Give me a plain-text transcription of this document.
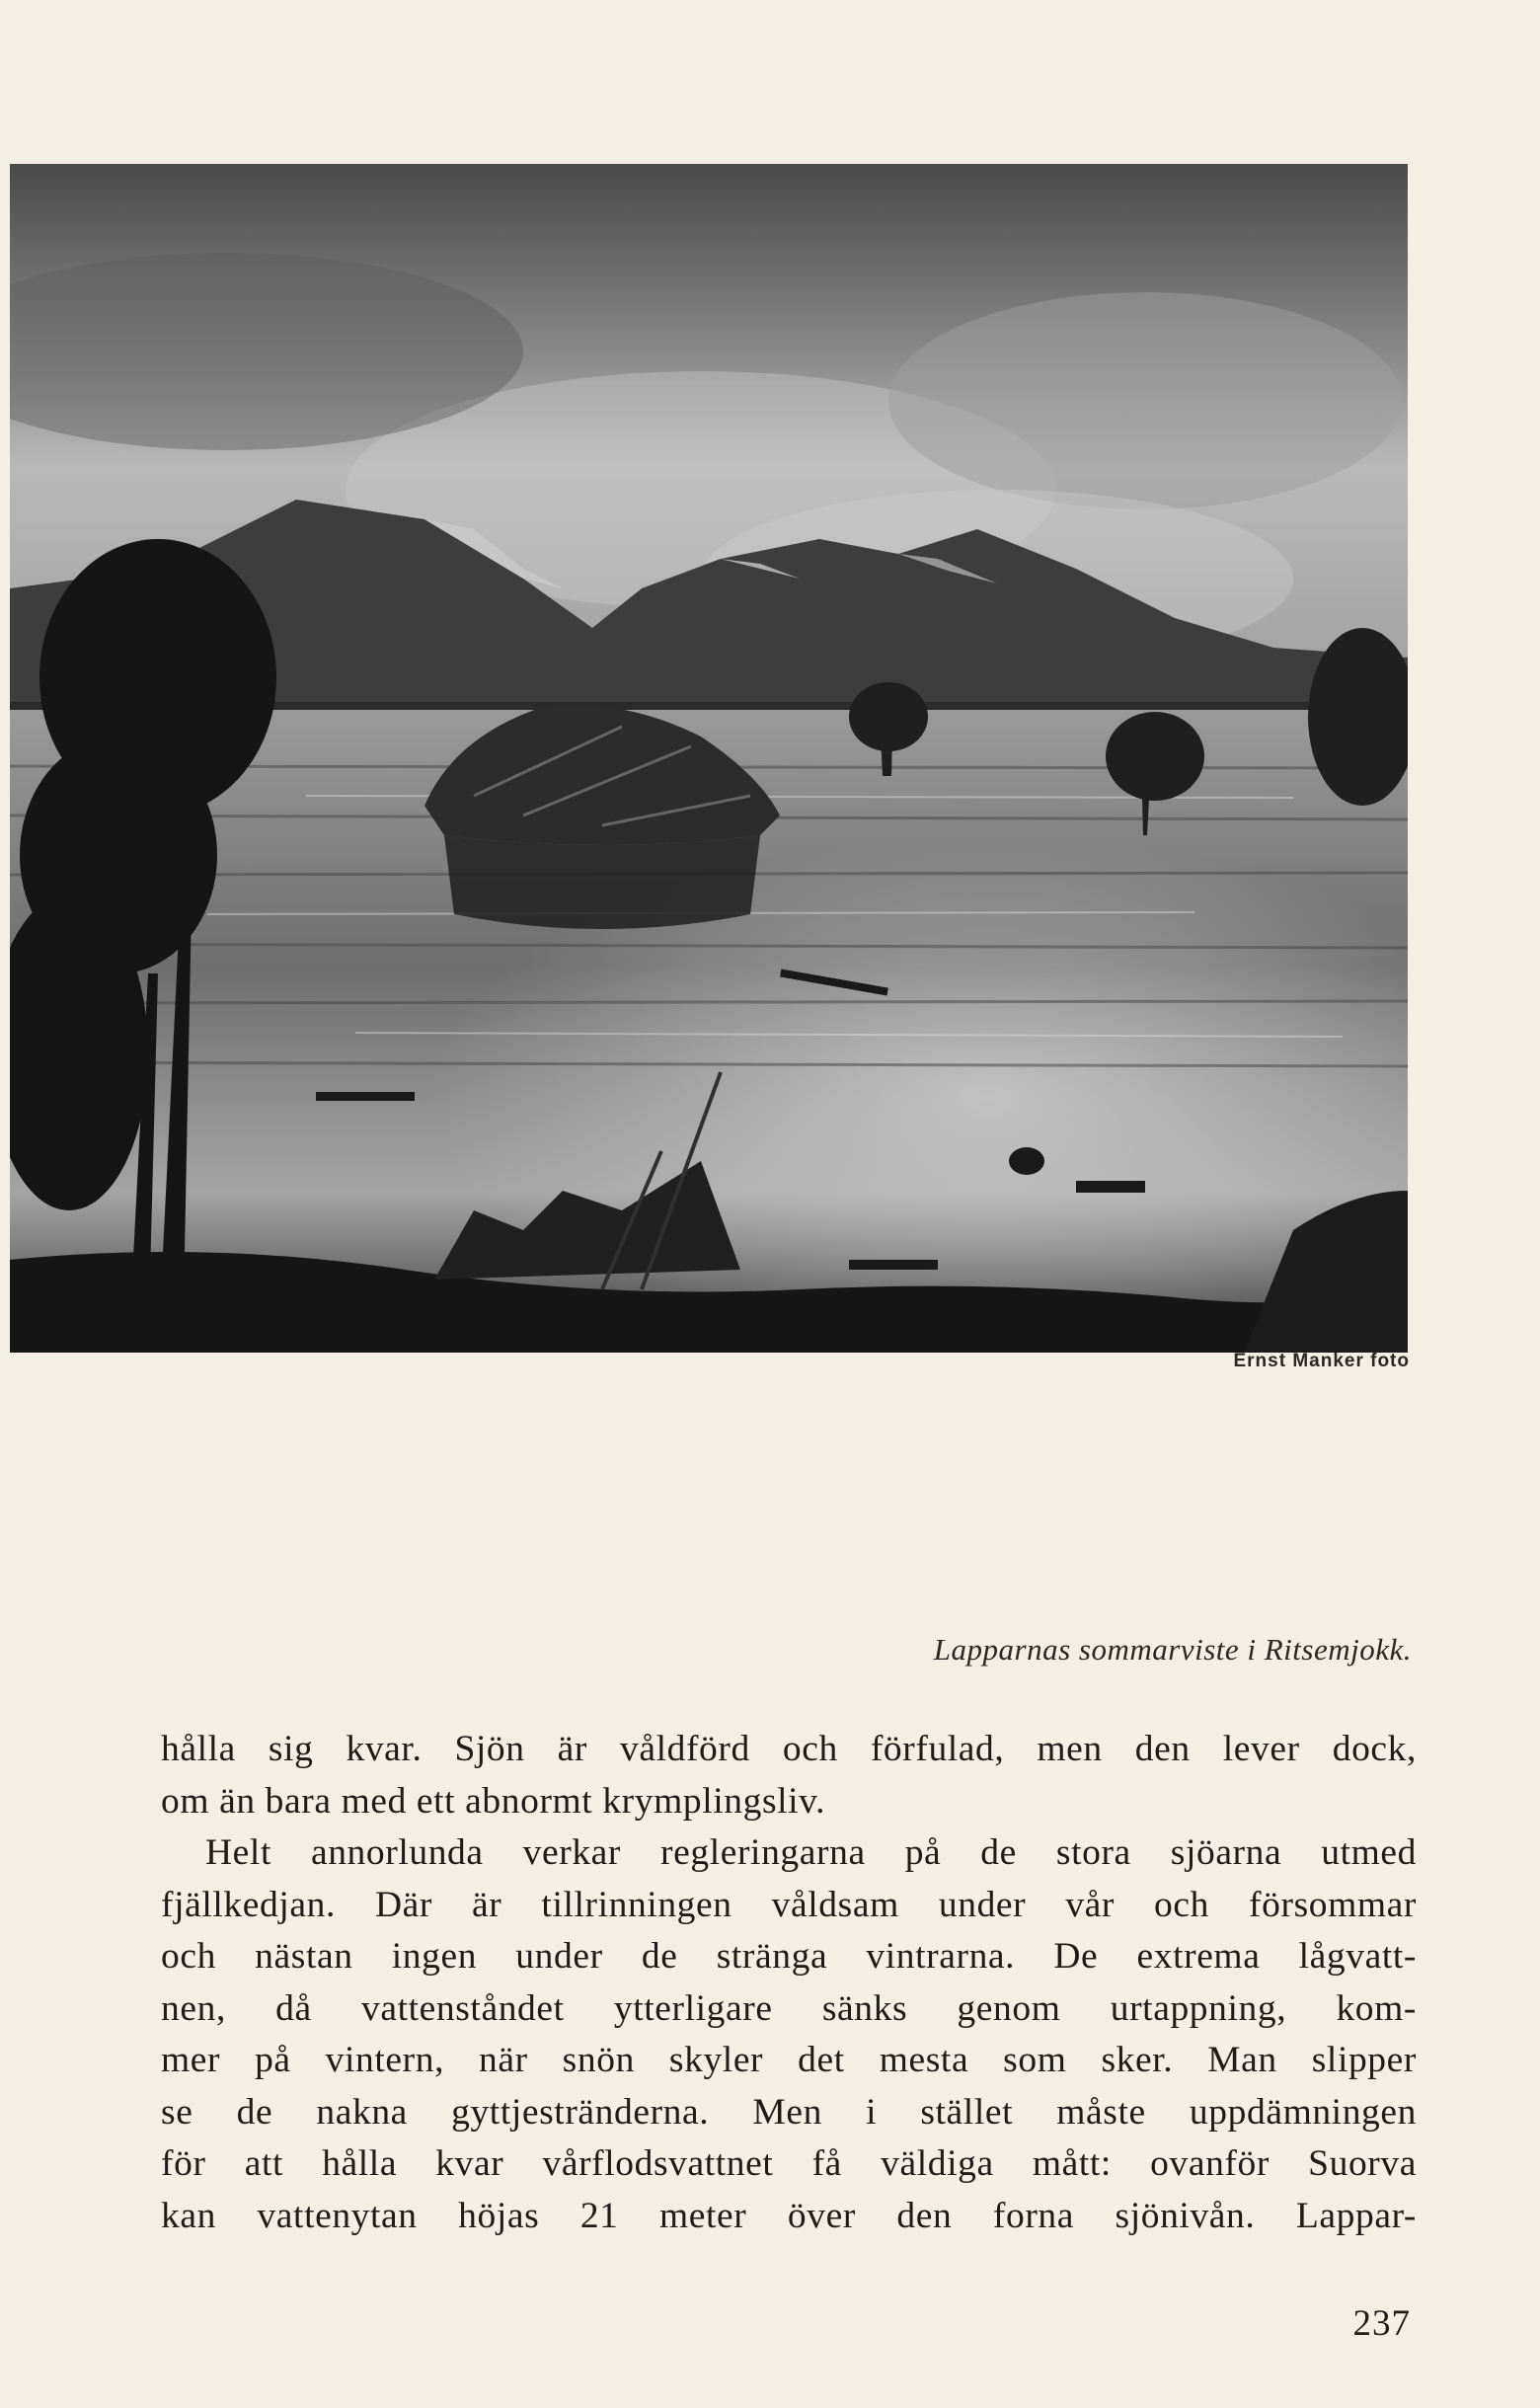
Ernst Manker foto
Lapparnas sommarviste i Ritsemjokk.
hålla sig kvar. Sjön är våldförd och förfulad, men den lever dock,
om än bara med ett abnormt krymplingsliv.
Helt annorlunda verkar regleringarna på de stora sjöarna utmed
fjällkedjan. Där är tillrinningen våldsam under vår och försommar
och nästan ingen under de stränga vintrarna. De extrema lågvatt-
nen, då vattenståndet ytterligare sänks genom urtappning, kom-
mer på vintern, när snön skyler det mesta som sker. Man slipper
se de nakna gyttjestränderna. Men i stället måste uppdämningen
för att hålla kvar vårflodsvattnet få väldiga mått: ovanför Suorva
kan vattenytan höjas 21 meter över den forna sjönivån. Lappar-
237
